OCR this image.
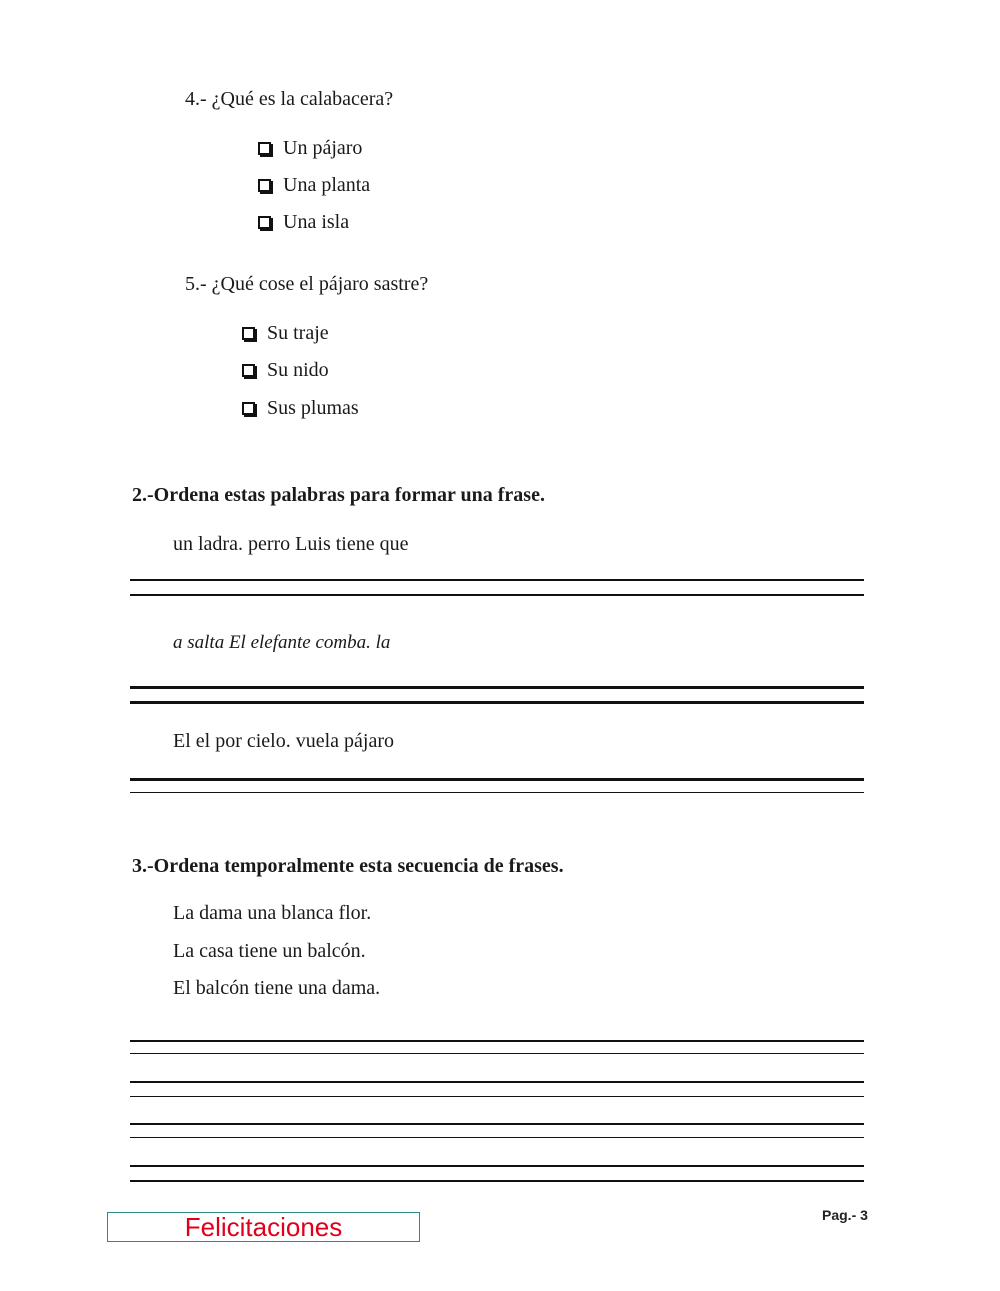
4.- ¿Qué es la calabacera?
Un pájaro
Una planta
Una isla
5.- ¿Qué cose el pájaro sastre?
Su traje
Su nido
Sus plumas
2.-Ordena estas palabras para formar una frase.
un ladra. perro Luis tiene que
a salta El elefante comba. la
El el por cielo. vuela pájaro
3.-Ordena temporalmente esta secuencia de frases.
La dama una blanca flor.
La casa tiene un balcón.
El balcón tiene una dama.
Felicitaciones	Pag.- 3
